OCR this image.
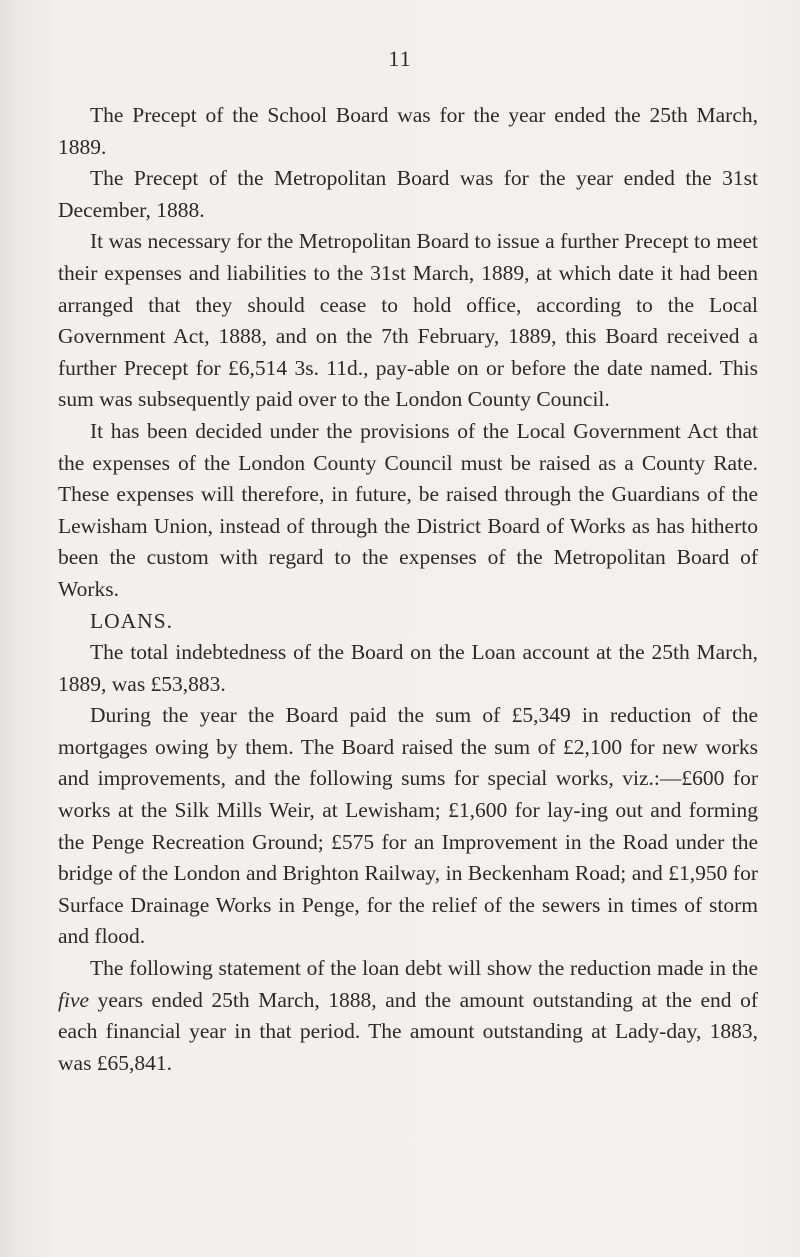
11

The Precept of the School Board was for the year ended the 25th March, 1889.

The Precept of the Metropolitan Board was for the year ended the 31st December, 1888.

It was necessary for the Metropolitan Board to issue a further Precept to meet their expenses and liabilities to the 31st March, 1889, at which date it had been arranged that they should cease to hold office, according to the Local Government Act, 1888, and on the 7th February, 1889, this Board received a further Precept for £6,514 3s. 11d., pay-able on or before the date named. This sum was subsequently paid over to the London County Council.

It has been decided under the provisions of the Local Government Act that the expenses of the London County Council must be raised as a County Rate. These expenses will therefore, in future, be raised through the Guardians of the Lewisham Union, instead of through the District Board of Works as has hitherto been the custom with regard to the expenses of the Metropolitan Board of Works.

LOANS.

The total indebtedness of the Board on the Loan account at the 25th March, 1889, was £53,883.

During the year the Board paid the sum of £5,349 in reduction of the mortgages owing by them. The Board raised the sum of £2,100 for new works and improvements, and the following sums for special works, viz.:—£600 for works at the Silk Mills Weir, at Lewisham; £1,600 for lay-ing out and forming the Penge Recreation Ground; £575 for an Improvement in the Road under the bridge of the London and Brighton Railway, in Beckenham Road; and £1,950 for Surface Drainage Works in Penge, for the relief of the sewers in times of storm and flood.

The following statement of the loan debt will show the reduction made in the five years ended 25th March, 1888, and the amount outstanding at the end of each financial year in that period. The amount outstanding at Lady-day, 1883, was £65,841.
